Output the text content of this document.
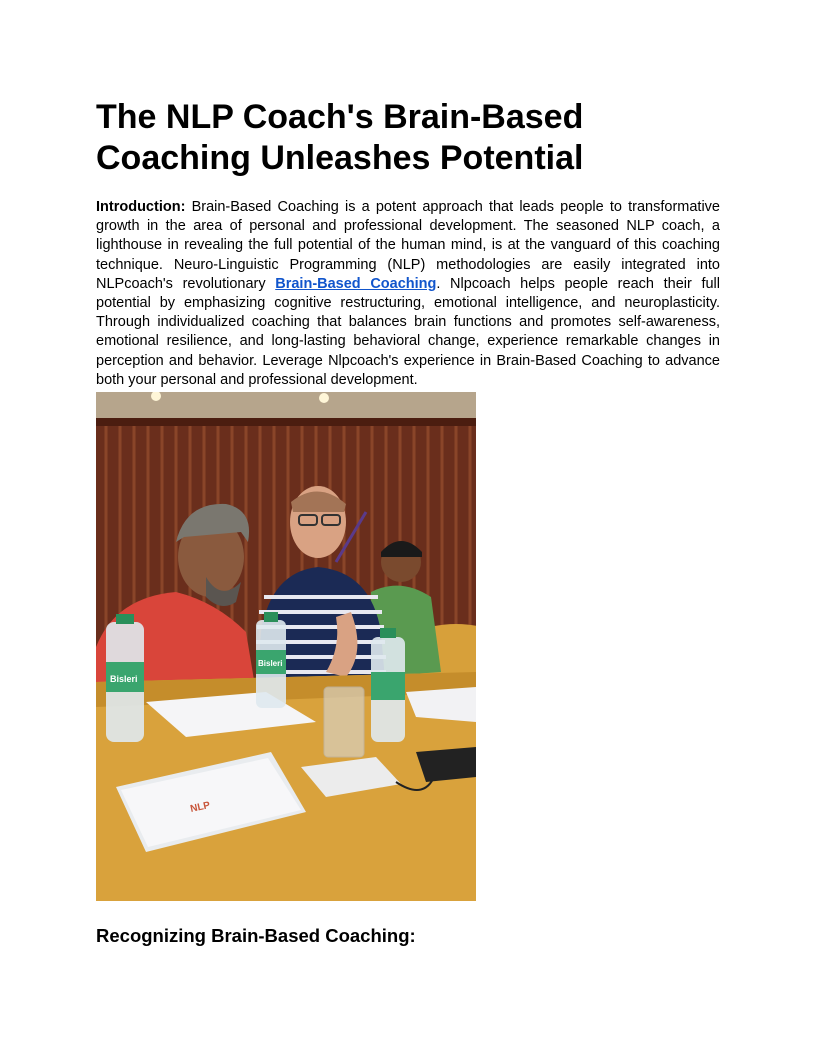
The NLP Coach's Brain-Based Coaching Unleashes Potential

Introduction: Brain-Based Coaching is a potent approach that leads people to transformative growth in the area of personal and professional development. The seasoned NLP coach, a lighthouse in revealing the full potential of the human mind, is at the vanguard of this coaching technique. Neuro-Linguistic Programming (NLP) methodologies are easily integrated into NLPcoach's revolutionary Brain-Based Coaching. Nlpcoach helps people reach their full potential by emphasizing cognitive restructuring, emotional intelligence, and neuroplasticity. Through individualized coaching that balances brain functions and promotes self-awareness, emotional resilience, and long-lasting behavioral change, experience remarkable changes in perception and behavior. Leverage Nlpcoach's experience in Brain-Based Coaching to advance both your personal and professional development.

NLP
Bisleri
Bisleri
Recognizing Brain-Based Coaching:
